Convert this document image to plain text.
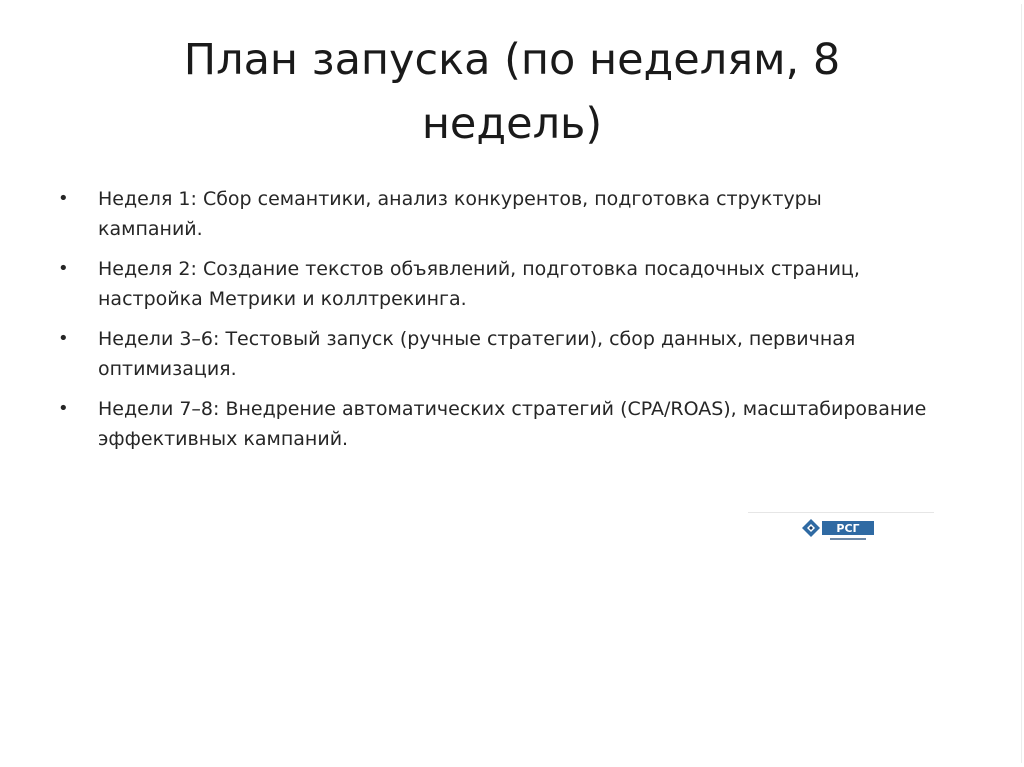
План запуска (по неделям, 8 недель)
•	Неделя 1: Сбор семантики, анализ конкурентов, подготовка структуры кампаний.
•	Неделя 2: Создание текстов объявлений, подготовка посадочных страниц, настройка Метрики и коллтрекинга.
•	Недели 3–6: Тестовый запуск (ручные стратегии), сбор данных, первичная оптимизация.
•	Недели 7–8: Внедрение автоматических стратегий (CPA/ROAS), масштабирование эффективных кампаний.
PCГ
